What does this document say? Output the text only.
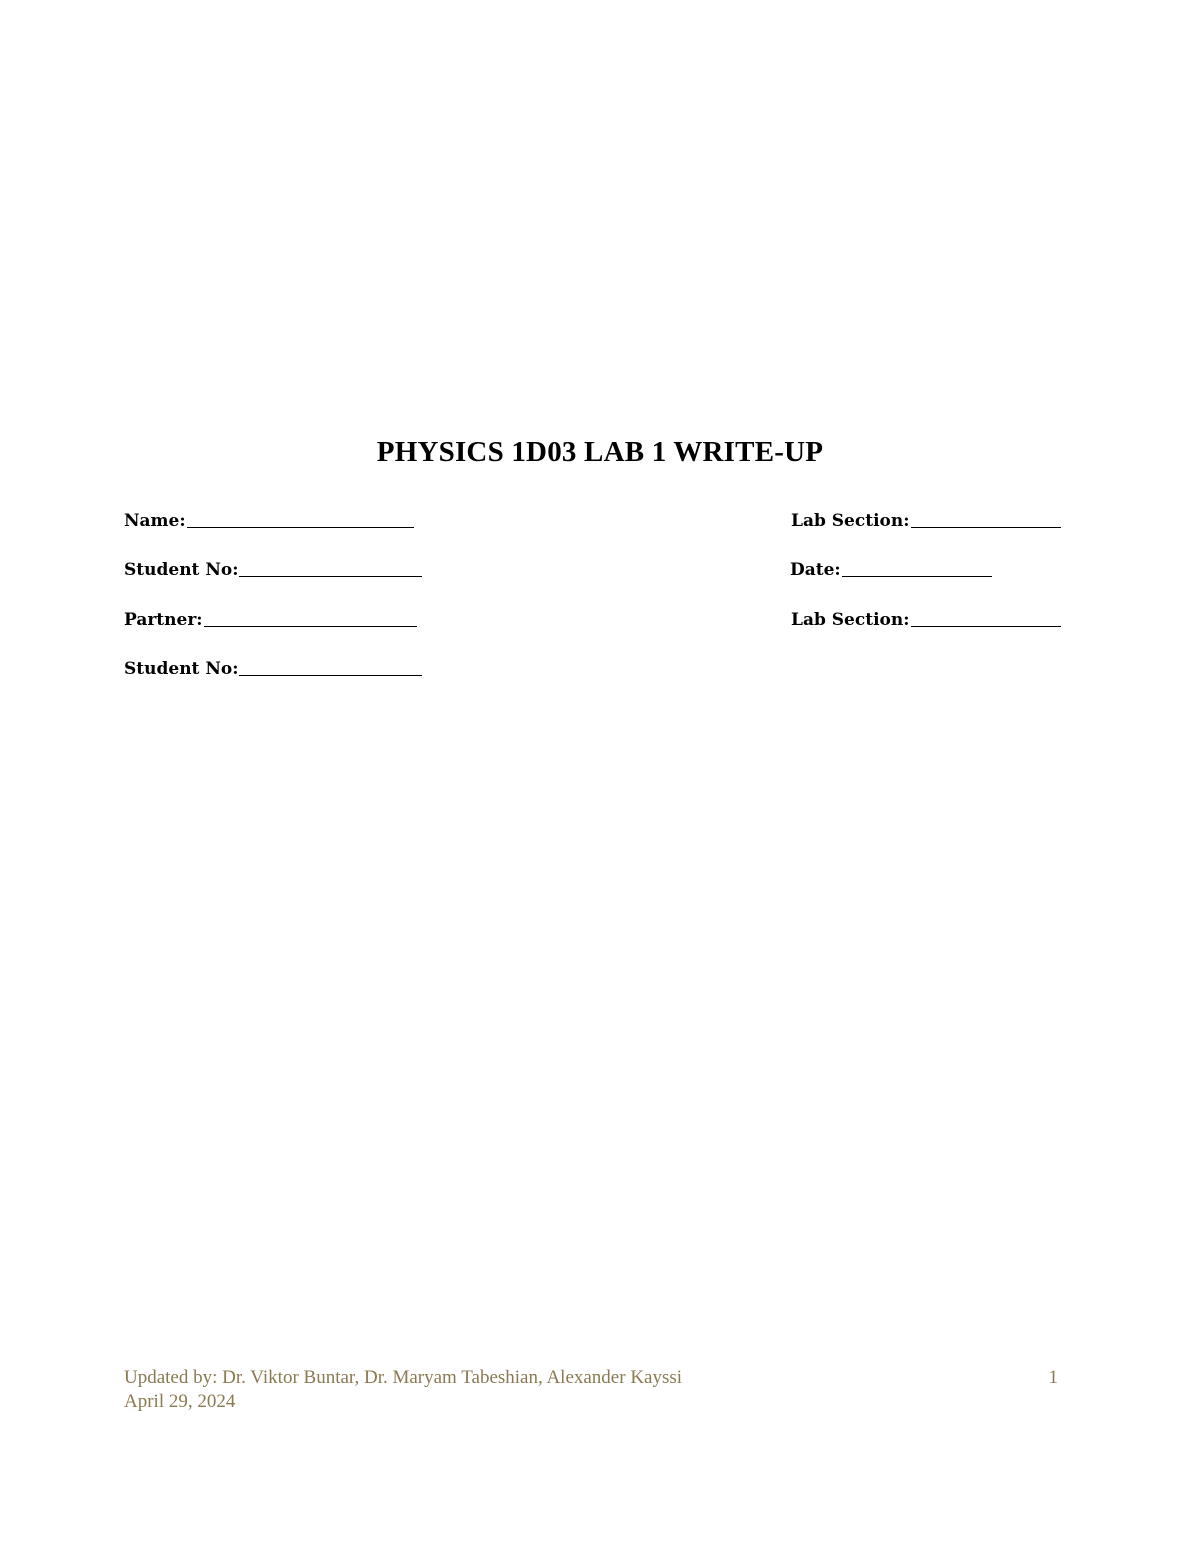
PHYSICS 1D03 LAB 1 WRITE-UP
Name:	Lab Section:
Student No:	Date:
Partner:	Lab Section:
Student No:
Updated by: Dr. Viktor Buntar, Dr. Maryam Tabeshian, Alexander Kayssi
April 29, 2024
1
